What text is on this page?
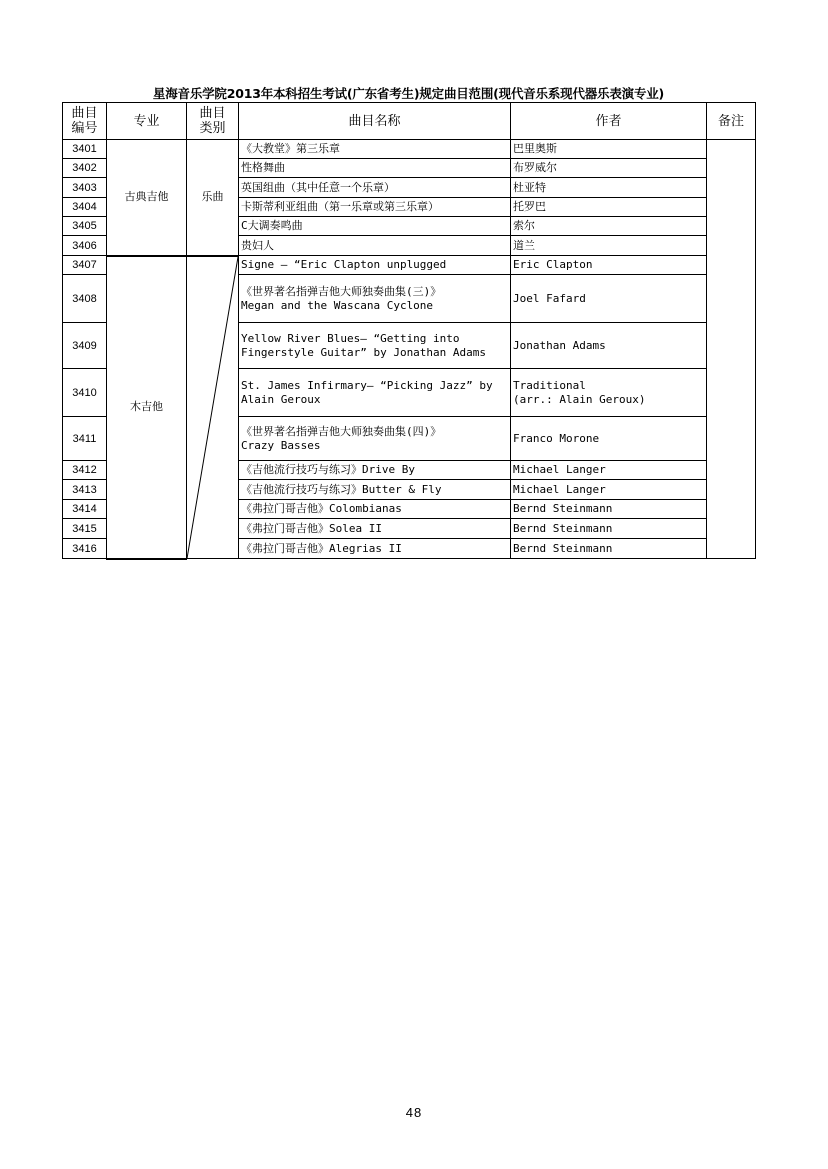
星海音乐学院2013年本科招生考试(广东省考生)规定曲目范围(现代音乐系现代器乐表演专业)
曲目编号	专业	曲目类别	曲目名称	作者	备注
3401	古典吉他	乐曲	《大教堂》第三乐章	巴里奥斯	
3402			性格舞曲	布罗威尔	
3403			英国组曲（其中任意一个乐章）	杜亚特	
3404			卡斯蒂利亚组曲（第一乐章或第三乐章）	托罗巴	
3405			C大调奏鸣曲	索尔	
3406			贵妇人	道兰	
3407	木吉他		Signe — “Eric Clapton unplugged	Eric Clapton	
3408			《世界著名指弹吉他大师独奏曲集(三)》
Megan and the Wascana Cyclone	Joel Fafard	
3409			Yellow River Blues— “Getting into
Fingerstyle Guitar” by Jonathan Adams	Jonathan Adams	
3410			St. James Infirmary— “Picking Jazz” by
Alain Geroux	Traditional
(arr.: Alain Geroux)	
3411			《世界著名指弹吉他大师独奏曲集(四)》
Crazy Basses	Franco Morone	
3412			《吉他流行技巧与练习》Drive By	Michael Langer	
3413			《吉他流行技巧与练习》Butter & Fly	Michael Langer	
3414			《弗拉门哥吉他》Colombianas	Bernd Steinmann	
3415			《弗拉门哥吉他》Solea II	Bernd Steinmann	
3416			《弗拉门哥吉他》Alegrias II	Bernd Steinmann	
48
